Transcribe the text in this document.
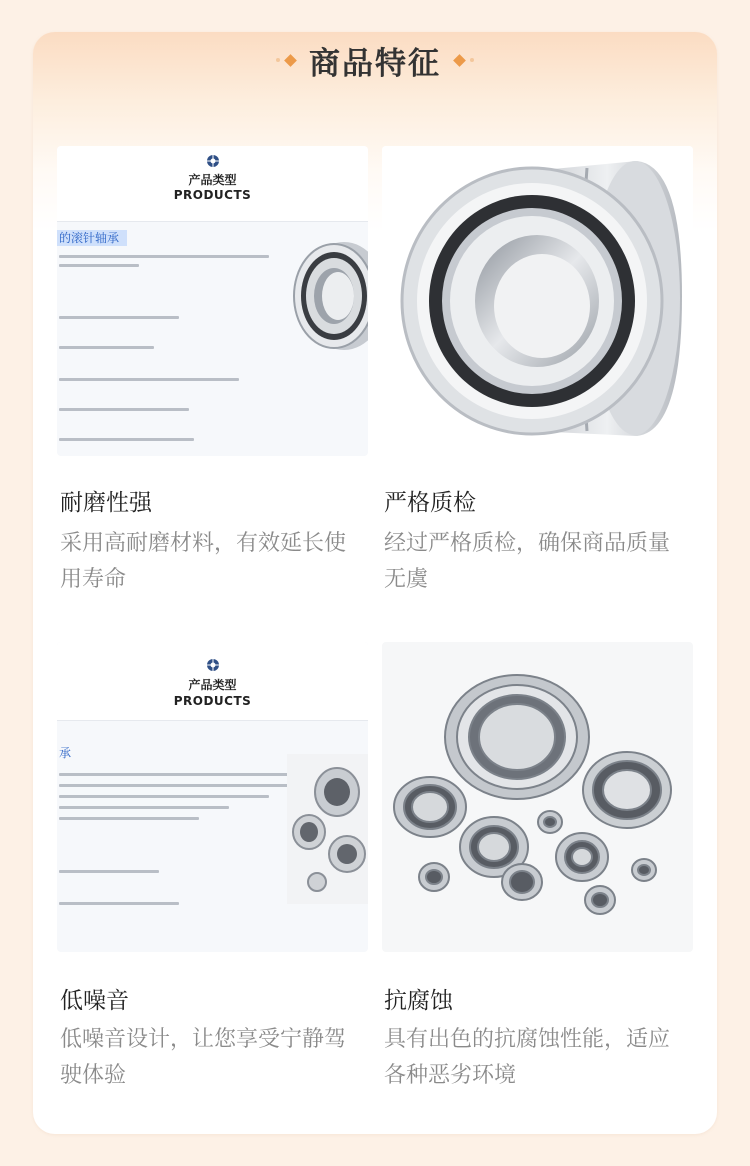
商品特征
产品类型
PRODUCTS
的滚针轴承
耐磨性强
采用高耐磨材料，有效延长使用寿命
严格质检
经过严格质检，确保商品质量无虞
产品类型
PRODUCTS
承
低噪音
低噪音设计，让您享受宁静驾驶体验
抗腐蚀
具有出色的抗腐蚀性能，适应各种恶劣环境
